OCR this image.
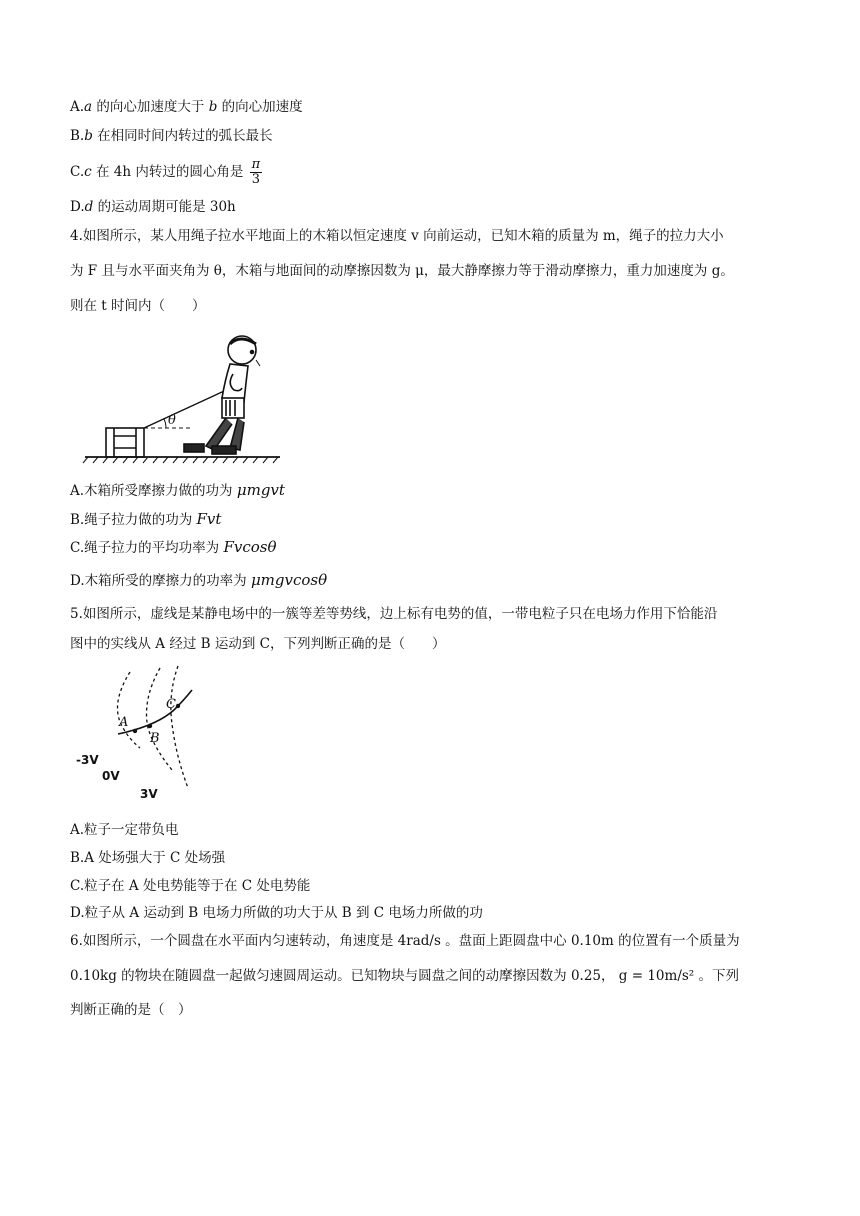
A.a 的向心加速度大于 b 的向心加速度
B.b 在相同时间内转过的弧长最长
C.c 在 4h 内转过的圆心角是 $\frac{\pi}{3}$
D.d 的运动周期可能是 30h
4.如图所示，某人用绳子拉水平地面上的木箱以恒定速度 v 向前运动，已知木箱的质量为 m，绳子的拉力大小
为 F 且与水平面夹角为 θ，木箱与地面间的动摩擦因数为 μ，最大静摩擦力等于滑动摩擦力，重力加速度为 g。
则在 t 时间内（　　）
θ
A.木箱所受摩擦力做的功为 μmgvt
B.绳子拉力做的功为 Fvt
C.绳子拉力的平均功率为 Fvcosθ
D.木箱所受的摩擦力的功率为 μmgvcosθ
5.如图所示，虚线是某静电场中的一簇等差等势线，边上标有电势的值，一带电粒子只在电场力作用下恰能沿
图中的实线从 A 经过 B 运动到 C，下列判断正确的是（　　）
A
B
C
-3V
0V
3V
A.粒子一定带负电
B.A 处场强大于 C 处场强
C.粒子在 A 处电势能等于在 C 处电势能
D.粒子从 A 运动到 B 电场力所做的功大于从 B 到 C 电场力所做的功
6.如图所示，一个圆盘在水平面内匀速转动，角速度是 4rad/s 。盘面上距圆盘中心 0.10m 的位置有一个质量为
0.10kg 的物块在随圆盘一起做匀速圆周运动。已知物块与圆盘之间的动摩擦因数为 0.25， g = 10m/s² 。下列
判断正确的是（　）
